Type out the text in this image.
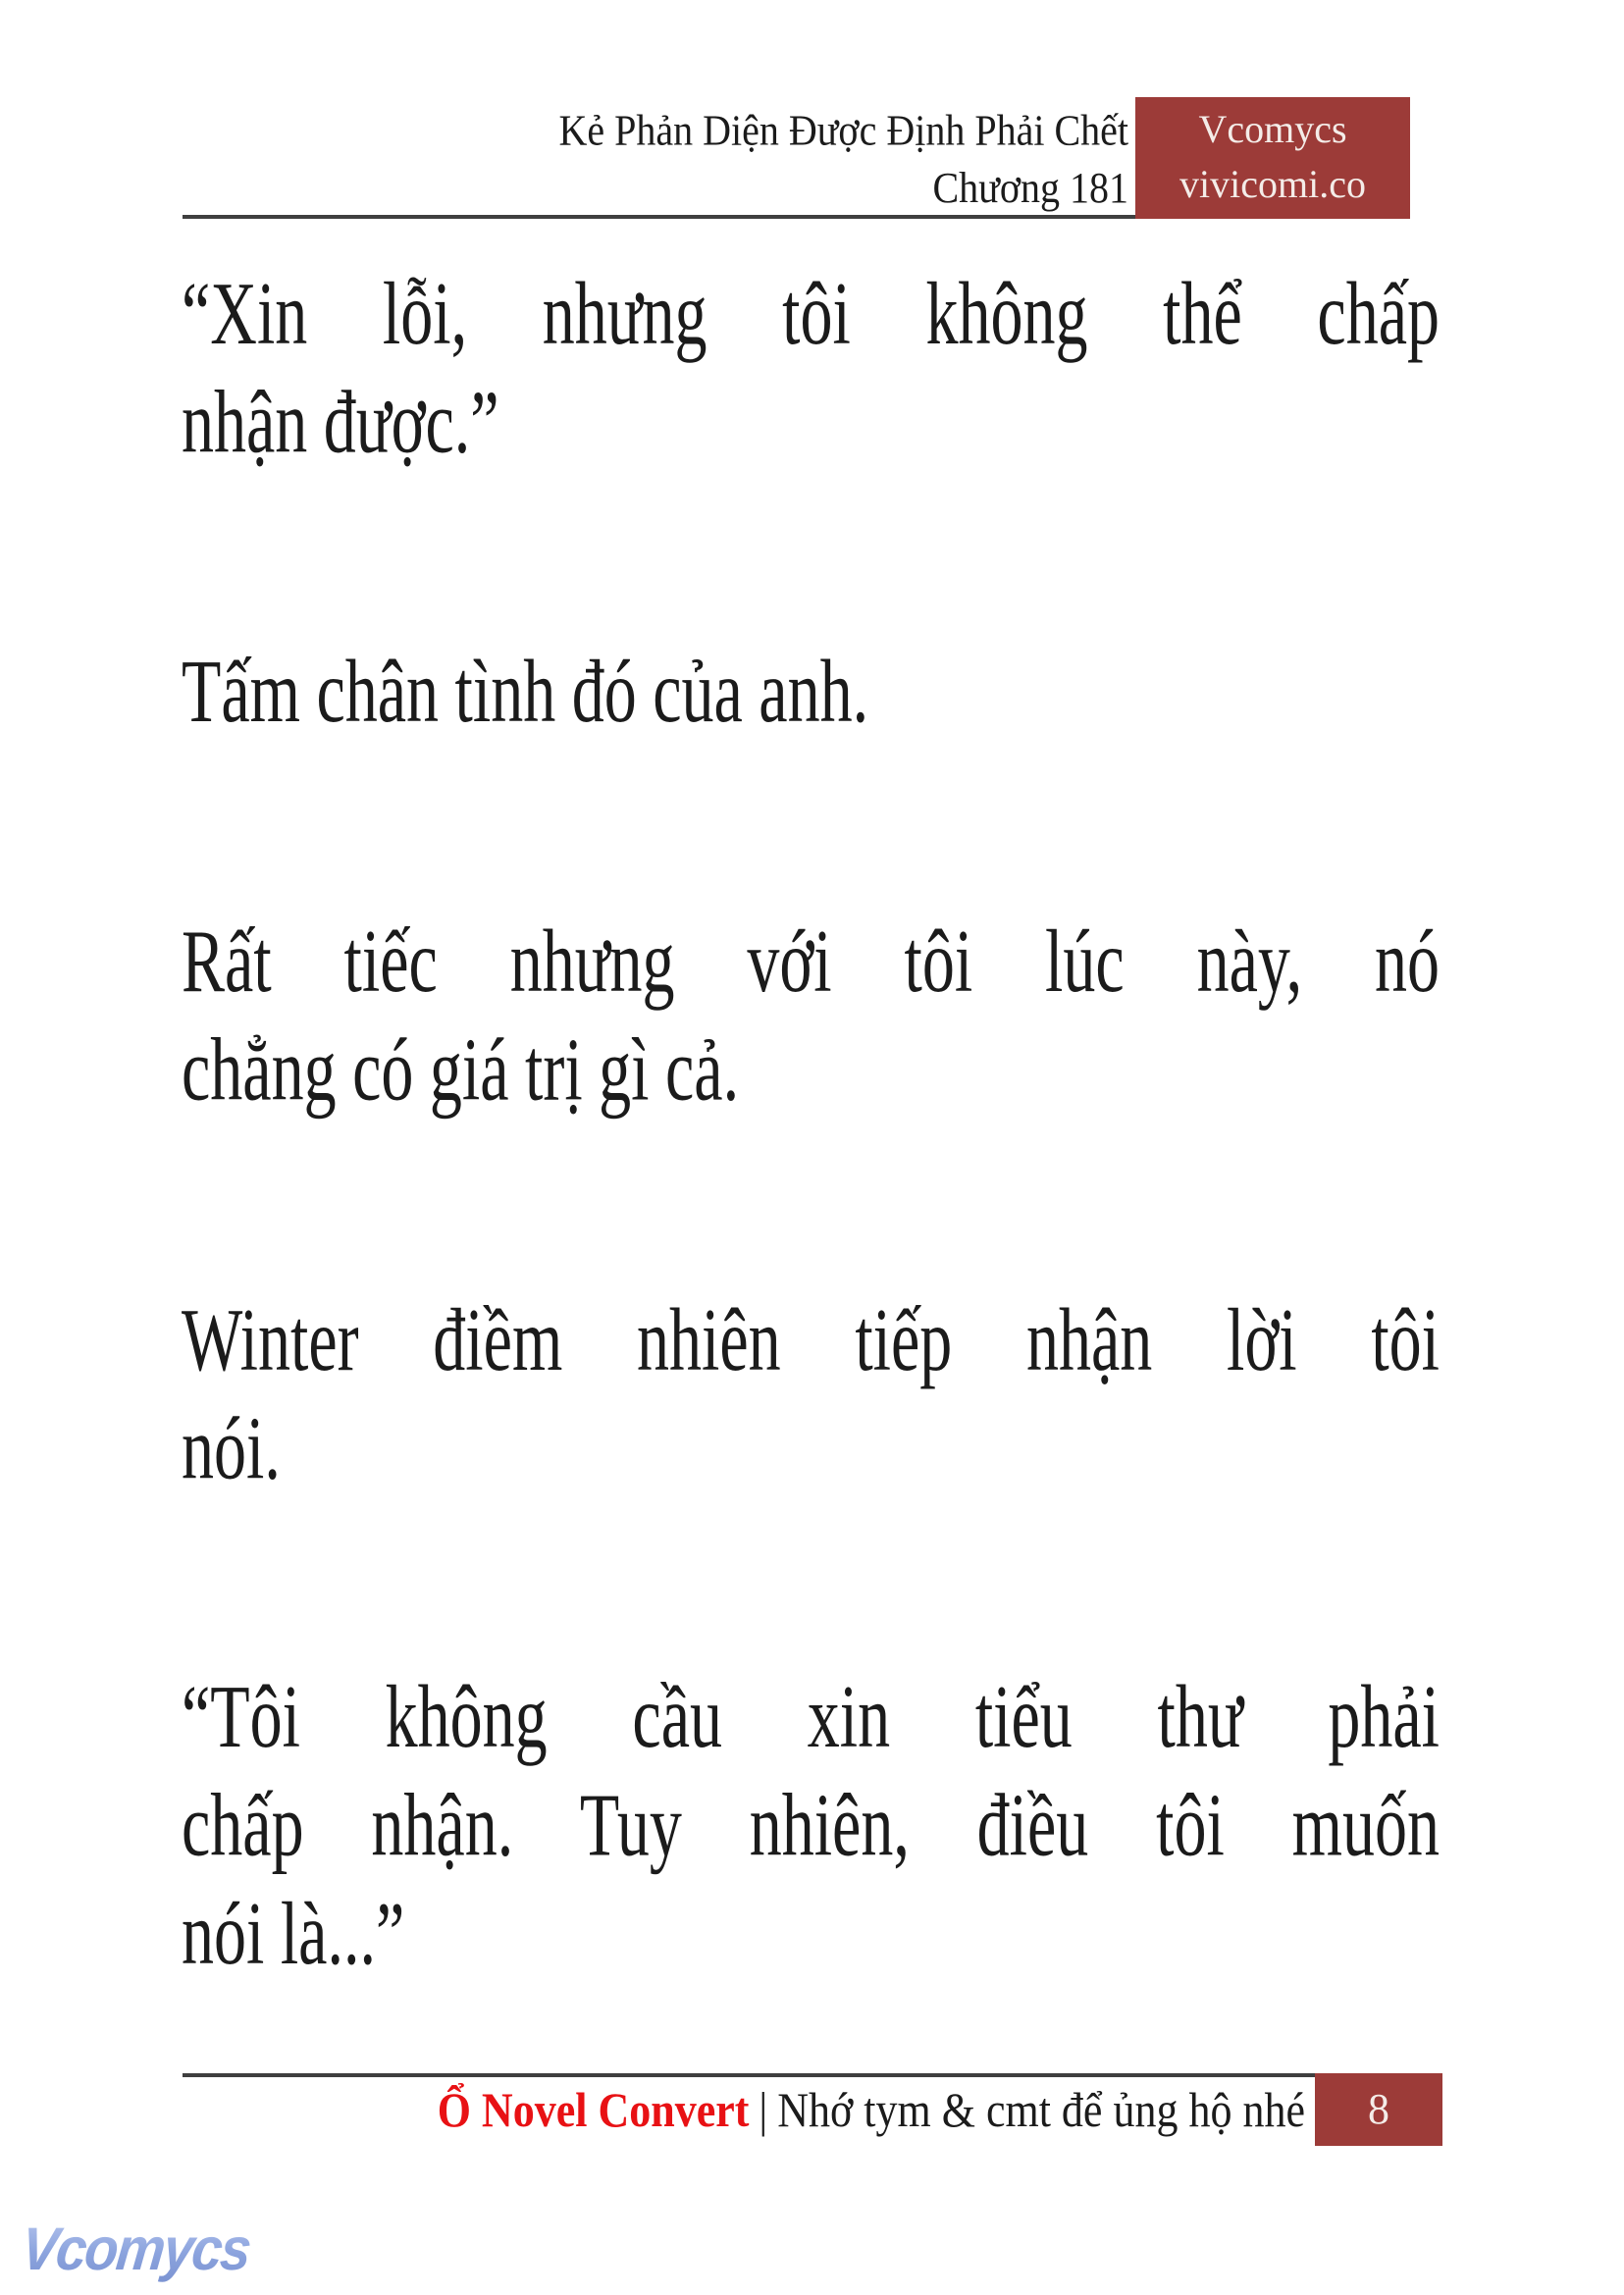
Kẻ Phản Diện Được Định Phải Chết
Chương 181
Vcomycs
vivicomi.co
“Xin lỗi, nhưng tôi không thể chấp
nhận được.”
Tấm chân tình đó của anh.
Rất tiếc nhưng với tôi lúc này, nó
chẳng có giá trị gì cả.
Winter điềm nhiên tiếp nhận lời tôi
nói.
“Tôi không cầu xin tiểu thư phải
chấp nhận. Tuy nhiên, điều tôi muốn
nói là...”
Ổ Novel Convert | Nhớ tym & cmt để ủng hộ nhé	8
Vcomycs
